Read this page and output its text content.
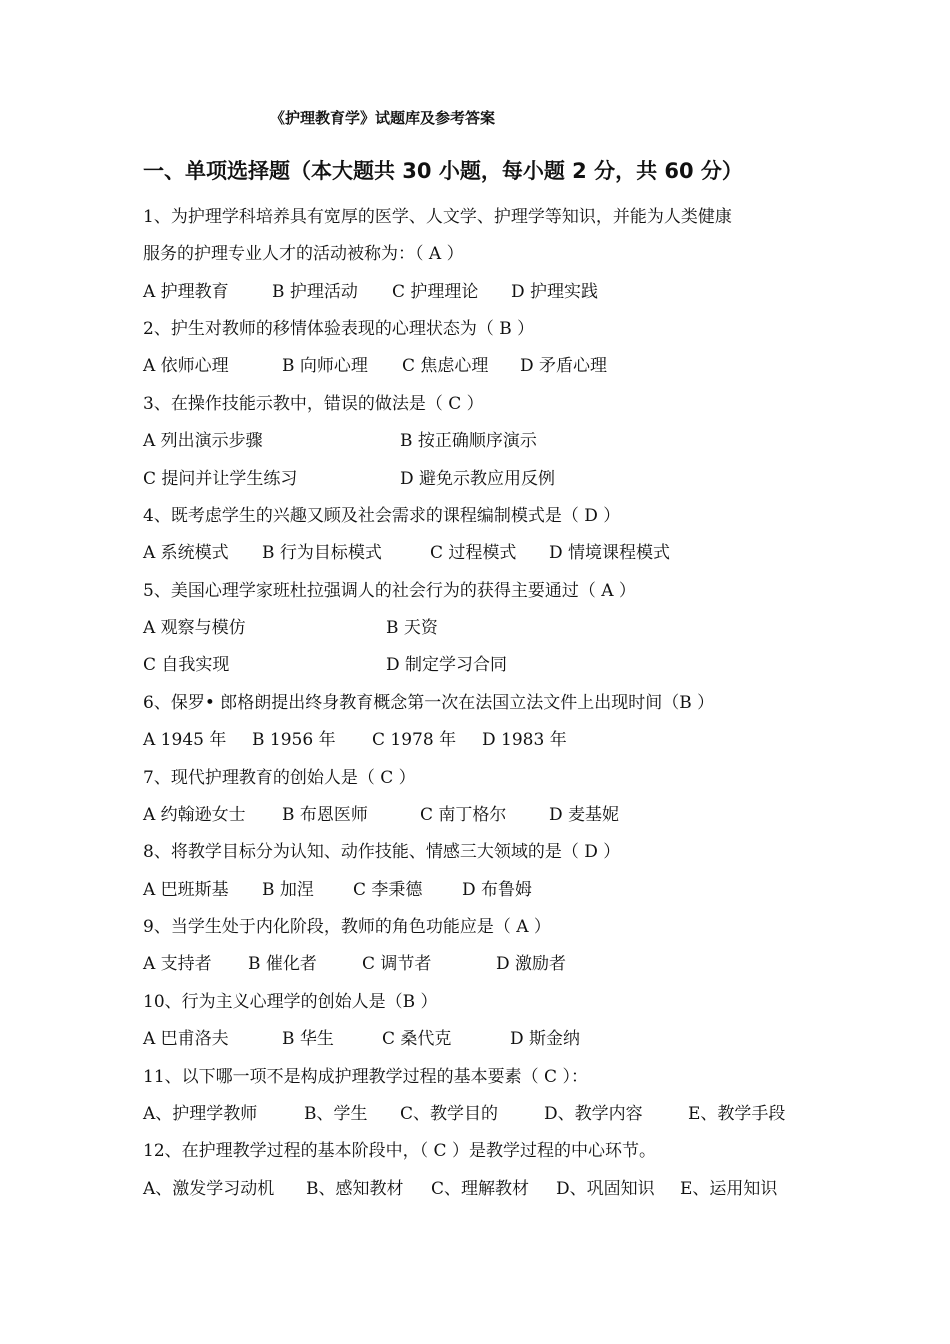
《护理教育学》试题库及参考答案
一、单项选择题（本大题共 30 小题，每小题 2 分，共 60 分）
1、为护理学科培养具有宽厚的医学、人文学、护理学等知识，并能为人类健康
服务的护理专业人才的活动被称为：（ A ）
A 护理教育	B 护理活动 C 护理理论 D 护理实践
2、护生对教师的移情体验表现的心理状态为（ B ）
A 依师心理	B 向师心理 C 焦虑心理 D 矛盾心理
3、在操作技能示教中，错误的做法是（ C ）
A 列出演示步骤	B 按正确顺序演示
C 提问并让学生练习	D 避免示教应用反例
4、既考虑学生的兴趣又顾及社会需求的课程编制模式是（ D ）
A 系统模式 B 行为目标模式	C 过程模式 D 情境课程模式
5、美国心理学家班杜拉强调人的社会行为的获得主要通过（ A ）
A 观察与模仿	B 天资
C 自我实现	D 制定学习合同
6、保罗• 郎格朗提出终身教育概念第一次在法国立法文件上出现时间（B ）
A 1945 年 B 1956 年 C 1978 年 D 1983 年
7、现代护理教育的创始人是（ C ）
A 约翰逊女士 B 布恩医师	C 南丁格尔	D 麦基妮
8、将教学目标分为认知、动作技能、情感三大领域的是（ D ）
A 巴班斯基 B 加涅 C 李秉德 D 布鲁姆
9、当学生处于内化阶段，教师的角色功能应是（ A ）
A 支持者 B 催化者	C 调节者	D 激励者
10、行为主义心理学的创始人是（B ）
A 巴甫洛夫	B 华生	C 桑代克	D 斯金纳
11、以下哪一项不是构成护理教学过程的基本要素（ C ）：
A、护理学教师	B、学生 C、教学目的	D、教学内容	E、教学手段
12、在护理教学过程的基本阶段中，（ C ）是教学过程的中心环节。
A、激发学习动机 B、感知教材 C、理解教材 D、巩固知识 E、运用知识
